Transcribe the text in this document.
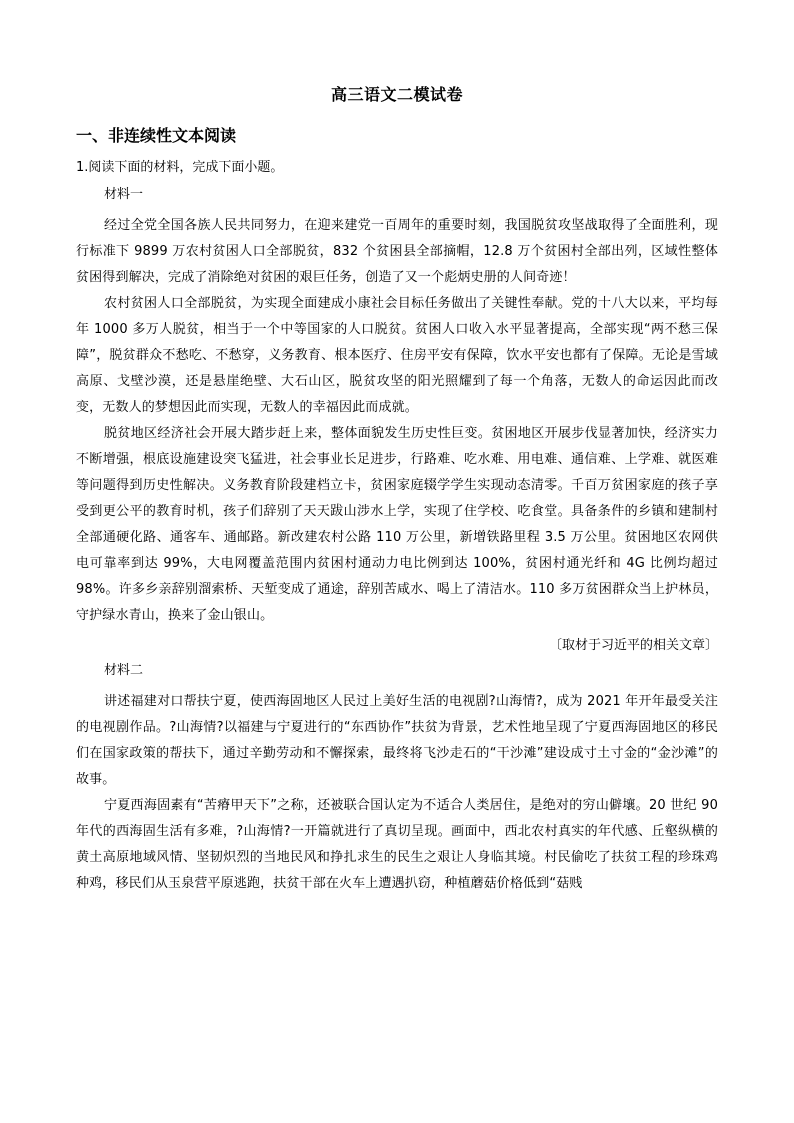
高三语文二模试卷
一、非连续性文本阅读
1.阅读下面的材料，完成下面小题。
材料一

经过全党全国各族人民共同努力，在迎来建党一百周年的重要时刻，我国脱贫攻坚战取得了全面胜利，现行标准下 9899 万农村贫困人口全部脱贫，832 个贫困县全部摘帽，12.8 万个贫困村全部出列，区域性整体贫困得到解决，完成了消除绝对贫困的艰巨任务，创造了又一个彪炳史册的人间奇迹！

农村贫困人口全部脱贫，为实现全面建成小康社会目标任务做出了关键性奉献。党的十八大以来，平均每年 1000 多万人脱贫，相当于一个中等国家的人口脱贫。贫困人口收入水平显著提高，全部实现“两不愁三保障”，脱贫群众不愁吃、不愁穿，义务教育、根本医疗、住房平安有保障，饮水平安也都有了保障。无论是雪域高原、戈壁沙漠，还是悬崖绝壁、大石山区，脱贫攻坚的阳光照耀到了每一个角落，无数人的命运因此而改变，无数人的梦想因此而实现，无数人的幸福因此而成就。

脱贫地区经济社会开展大踏步赶上来，整体面貌发生历史性巨变。贫困地区开展步伐显著加快，经济实力不断增强，根底设施建设突飞猛进，社会事业长足进步，行路难、吃水难、用电难、通信难、上学难、就医难等问题得到历史性解决。义务教育阶段建档立卡，贫困家庭辍学学生实现动态清零。千百万贫困家庭的孩子享受到更公平的教育时机，孩子们辞别了天天跋山涉水上学，实现了住学校、吃食堂。具备条件的乡镇和建制村全部通硬化路、通客车、通邮路。新改建农村公路 110 万公里，新增铁路里程 3.5 万公里。贫困地区农网供电可靠率到达 99%，大电网覆盖范围内贫困村通动力电比例到达 100%，贫困村通光纤和 4G 比例均超过 98%。许多乡亲辞别溜索桥、天堑变成了通途，辞别苦咸水、喝上了清洁水。110 多万贫困群众当上护林员，守护绿水青山，换来了金山银山。

〔取材于习近平的相关文章〕
材料二

讲述福建对口帮扶宁夏，使西海固地区人民过上美好生活的电视剧?山海情?，成为 2021 年开年最受关注的电视剧作品。?山海情?以福建与宁夏进行的“东西协作”扶贫为背景，艺术性地呈现了宁夏西海固地区的移民们在国家政策的帮扶下，通过辛勤劳动和不懈探索，最终将飞沙走石的“干沙滩”建设成寸土寸金的“金沙滩”的故事。

宁夏西海固素有“苦瘠甲天下”之称，还被联合国认定为不适合人类居住，是绝对的穷山僻壤。20 世纪 90 年代的西海固生活有多难，?山海情?一开篇就进行了真切呈现。画面中，西北农村真实的年代感、丘壑纵横的黄土高原地域风情、坚韧炽烈的当地民风和挣扎求生的民生之艰让人身临其境。村民偷吃了扶贫工程的珍珠鸡种鸡，移民们从玉泉营平原逃跑，扶贫干部在火车上遭遇扒窃，种植蘑菇价格低到“菇贱
